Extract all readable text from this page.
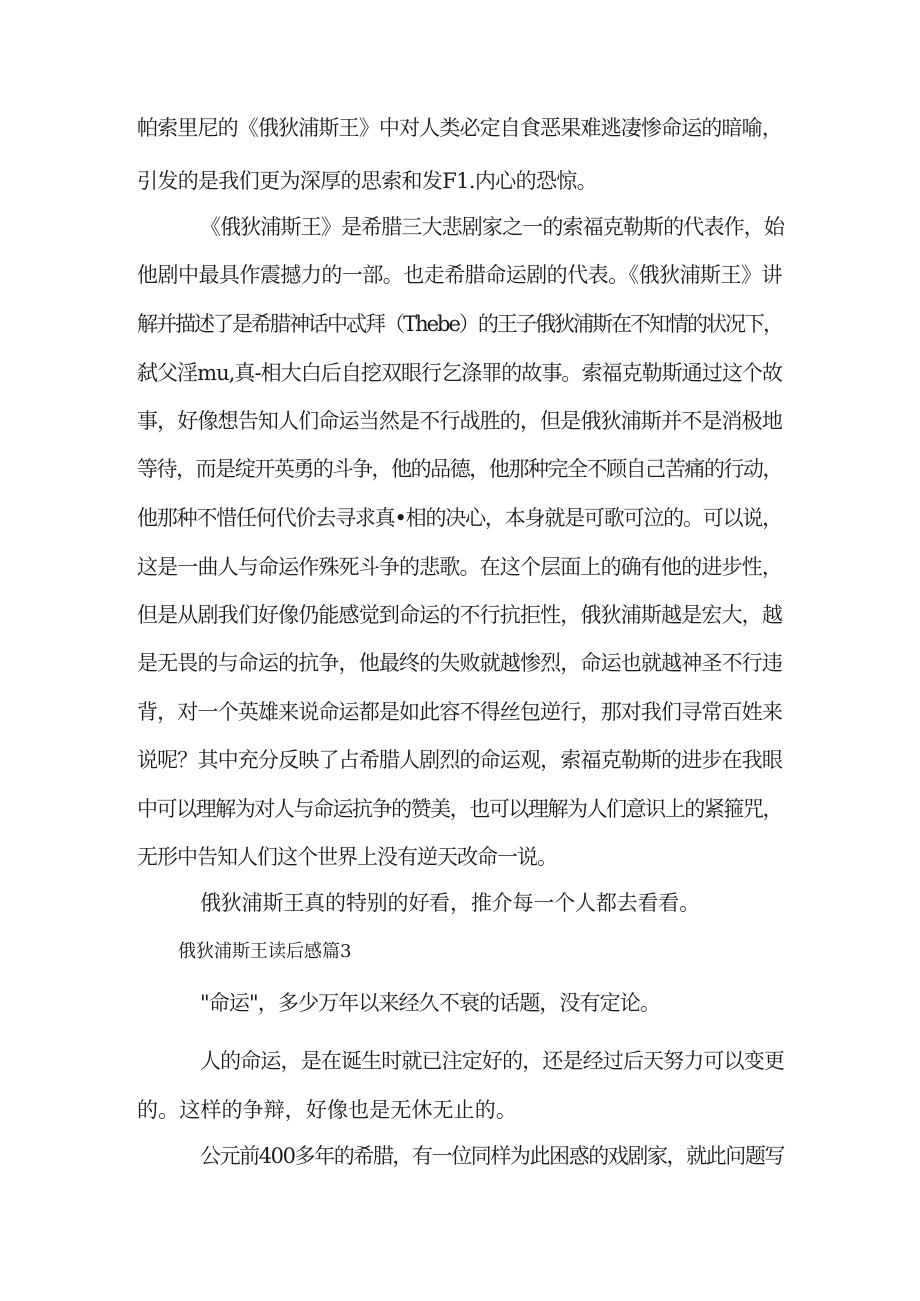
帕索里尼的《俄狄浦斯王》中对人类必定自食恶果难逃凄惨命运的暗喻，
引发的是我们更为深厚的思索和发F1.内心的恐惊。
《俄狄浦斯王》是希腊三大悲剧家之一的索福克勒斯的代表作，始
他剧中最具作震撼力的一部。也走希腊命运剧的代表。《俄狄浦斯王》讲
解并描述了是希腊神话中忒拜（Thebe）的王子俄狄浦斯在不知情的状况下，
弑父淫mu,真-相大白后自挖双眼行乞涤罪的故事。索福克勒斯通过这个故
事，好像想告知人们命运当然是不行战胜的，但是俄狄浦斯并不是消极地
等待，而是绽开英勇的斗争，他的品德，他那种完全不顾自己苦痛的行动，
他那种不惜任何代价去寻求真•相的决心，本身就是可歌可泣的。可以说，
这是一曲人与命运作殊死斗争的悲歌。在这个层面上的确有他的进步性，
但是从剧我们好像仍能感觉到命运的不行抗拒性，俄狄浦斯越是宏大，越
是无畏的与命运的抗争，他最终的失败就越惨烈，命运也就越神圣不行违
背，对一个英雄来说命运都是如此容不得丝包逆行，那对我们寻常百姓来
说呢？其中充分反映了占希腊人剧烈的命运观，索福克勒斯的进步在我眼
中可以理解为对人与命运抗争的赞美，也可以理解为人们意识上的紧箍咒，
无形中告知人们这个世界上没有逆天改命一说。
俄狄浦斯王真的特别的好看，推介每一个人都去看看。
俄狄浦斯王读后感篇3
"命运"，多少万年以来经久不衰的话题，没有定论。
人的命运，是在诞生时就已注定好的，还是经过后天努力可以变更
的。这样的争辩，好像也是无休无止的。
公元前400多年的希腊，有一位同样为此困惑的戏剧家，就此问题写
